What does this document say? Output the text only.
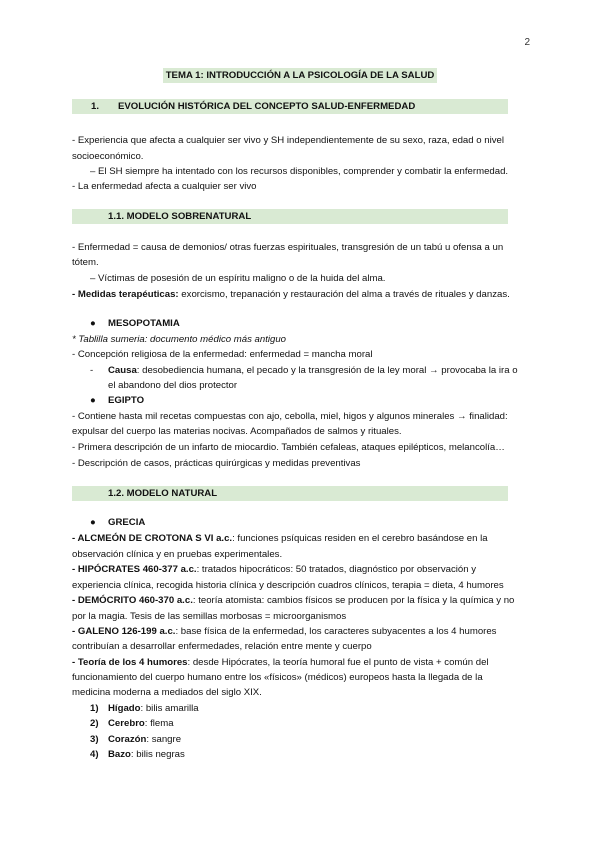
2
TEMA 1: INTRODUCCIÓN A LA PSICOLOGÍA DE LA SALUD
1. EVOLUCIÓN HISTÓRICA DEL CONCEPTO SALUD-ENFERMEDAD
- Experiencia que afecta a cualquier ser vivo y SH independientemente de su sexo, raza, edad o nivel
socioeconómico.
– El SH siempre ha intentado con los recursos disponibles, comprender y combatir la enfermedad.
- La enfermedad afecta a cualquier ser vivo
1.1. MODELO SOBRENATURAL
- Enfermedad = causa de demonios/ otras fuerzas espirituales, transgresión de un tabú u ofensa a un
tótem.
– Víctimas de posesión de un espíritu maligno o de la huida del alma.
- Medidas terapéuticas: exorcismo, trepanación y restauración del alma a través de rituales y danzas.
● MESOPOTAMIA
* Tablilla sumeria: documento médico más antiguo
- Concepción religiosa de la enfermedad: enfermedad = mancha moral
- Causa: desobediencia humana, el pecado y la transgresión de la ley moral → provocaba la ira o
el abandono del dios protector
● EGIPTO
- Contiene hasta mil recetas compuestas con ajo, cebolla, miel, higos y algunos minerales → finalidad:
expulsar del cuerpo las materias nocivas. Acompañados de salmos y rituales.
- Primera descripción de un infarto de miocardio. También cefaleas, ataques epilépticos, melancolía…
- Descripción de casos, prácticas quirúrgicas y medidas preventivas
1.2. MODELO NATURAL
● GRECIA
- ALCMEÓN DE CROTONA S VI a.c.: funciones psíquicas residen en el cerebro basándose en la
observación clínica y en pruebas experimentales.
- HIPÓCRATES 460-377 a.c.: tratados hipocráticos: 50 tratados, diagnóstico por observación y
experiencia clínica, recogida historia clínica y descripción cuadros clínicos, terapia = dieta, 4 humores
- DEMÓCRITO 460-370 a.c.: teoría atomista: cambios físicos se producen por la física y la química y no
por la magia. Tesis de las semillas morbosas = microorganismos
- GALENO 126-199 a.c.: base física de la enfermedad, los caracteres subyacentes a los 4 humores
contribuían a desarrollar enfermedades, relación entre mente y cuerpo
- Teoría de los 4 humores: desde Hipócrates, la teoría humoral fue el punto de vista + común del
funcionamiento del cuerpo humano entre los «físicos» (médicos) europeos hasta la llegada de la
medicina moderna a mediados del siglo XIX.
1) Hígado: bilis amarilla
2) Cerebro: flema
3) Corazón: sangre
4) Bazo: bilis negras
